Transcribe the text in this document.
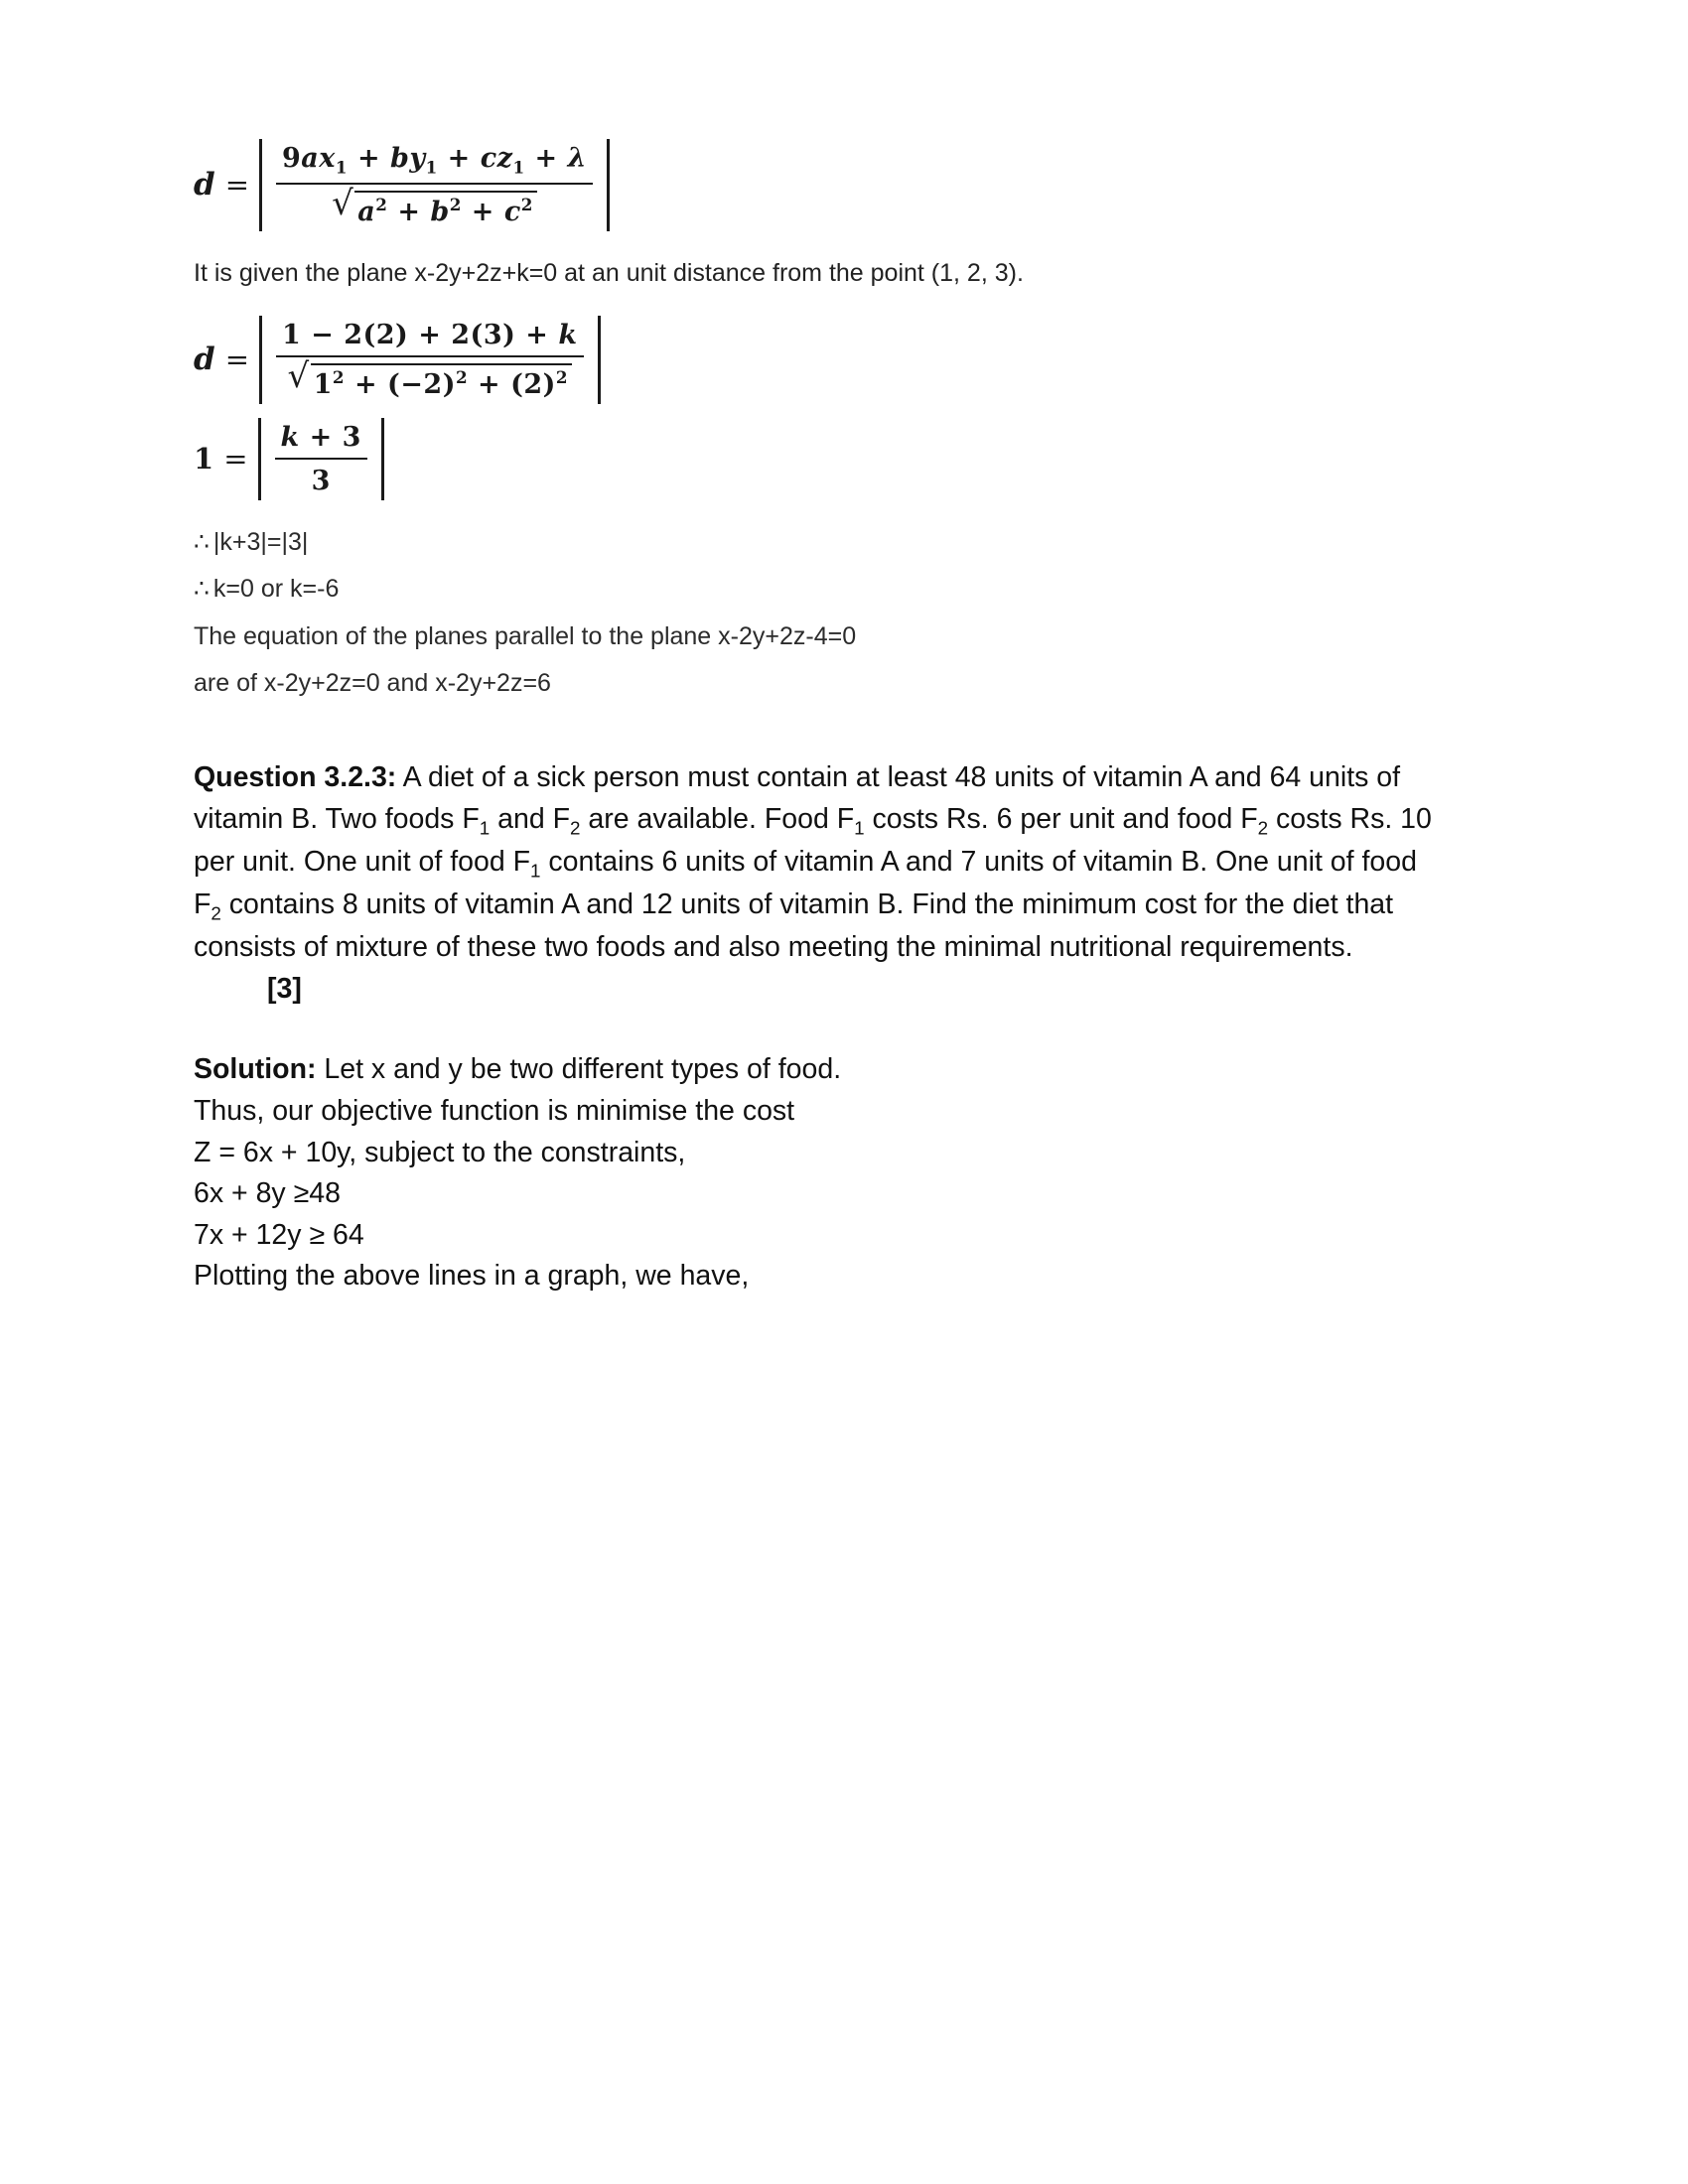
$d = \frac{9ax_1 + by_1 + cz_1 + \lambda}{√ a^2 + b^2 + c^2}$
It is given the plane x-2y+2z+k=0 at an unit distance from the point (1, 2, 3).
$d = \frac{1 - 2(2) + 2(3) + k}{√ 1^2 + (-2)^2 + (2)^2}$
$1 = \frac{k + 3}{3}$
∴ |k+3|=|3|
∴ k=0 or k=-6
The equation of the planes parallel to the plane x-2y+2z-4=0
are of x-2y+2z=0 and x-2y+2z=6
Question 3.2.3: A diet of a sick person must contain at least 48 units of vitamin A and 64 units of vitamin B. Two foods $F_1$ and $F_2$ are available. Food $F_1$ costs Rs. 6 per unit and food $F_2$ costs Rs. 10 per unit. One unit of food $F_1$ contains 6 units of vitamin A and 7 units of vitamin B. One unit of food $F_2$ contains 8 units of vitamin A and 12 units of vitamin B. Find the minimum cost for the diet that consists of mixture of these two foods and also meeting the minimal nutritional requirements.[3]
Solution: Let x and y be two different types of food.
Thus, our objective function is minimise the cost
Z = 6x + 10y, subject to the constraints,
6x + 8y ≥48
7x + 12y ≥ 64
Plotting the above lines in a graph, we have,
